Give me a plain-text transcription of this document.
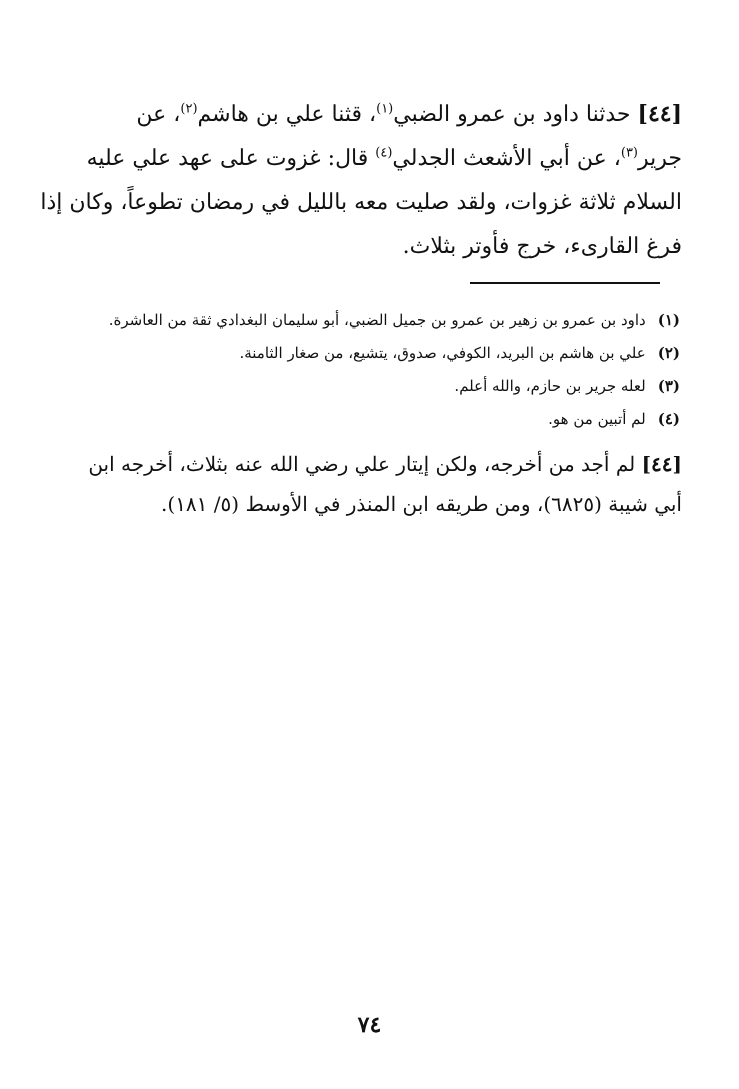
[٤٤] حدثنا داود بن عمرو الضبي$^{(١)}$، قثنا علي بن هاشم$^{(٢)}$، عن
جرير$^{(٣)}$، عن أبي الأشعث الجدلي$^{(٤)}$ قال: غزوت على عهد علي عليه
السلام ثلاثة غزوات، ولقد صليت معه بالليل في رمضان تطوعاً، وكان إذا
فرغ القارىء، خرج فأوتر بثلاث.
(١)داود بن عمرو بن زهير بن عمرو بن جميل الضبي، أبو سليمان البغدادي ثقة من العاشرة.
(٢)علي بن هاشم بن البريد، الكوفي، صدوق، يتشيع، من صغار الثامنة.
(٣)لعله جرير بن حازم، والله أعلم.
(٤)لم أتبين من هو.
[٤٤] لم أجد من أخرجه، ولكن إيتار علي رضي الله عنه بثلاث، أخرجه ابن
أبي شيبة (٦٨٢٥)، ومن طريقه ابن المنذر في الأوسط (٥/ ١٨١).
٧٤
